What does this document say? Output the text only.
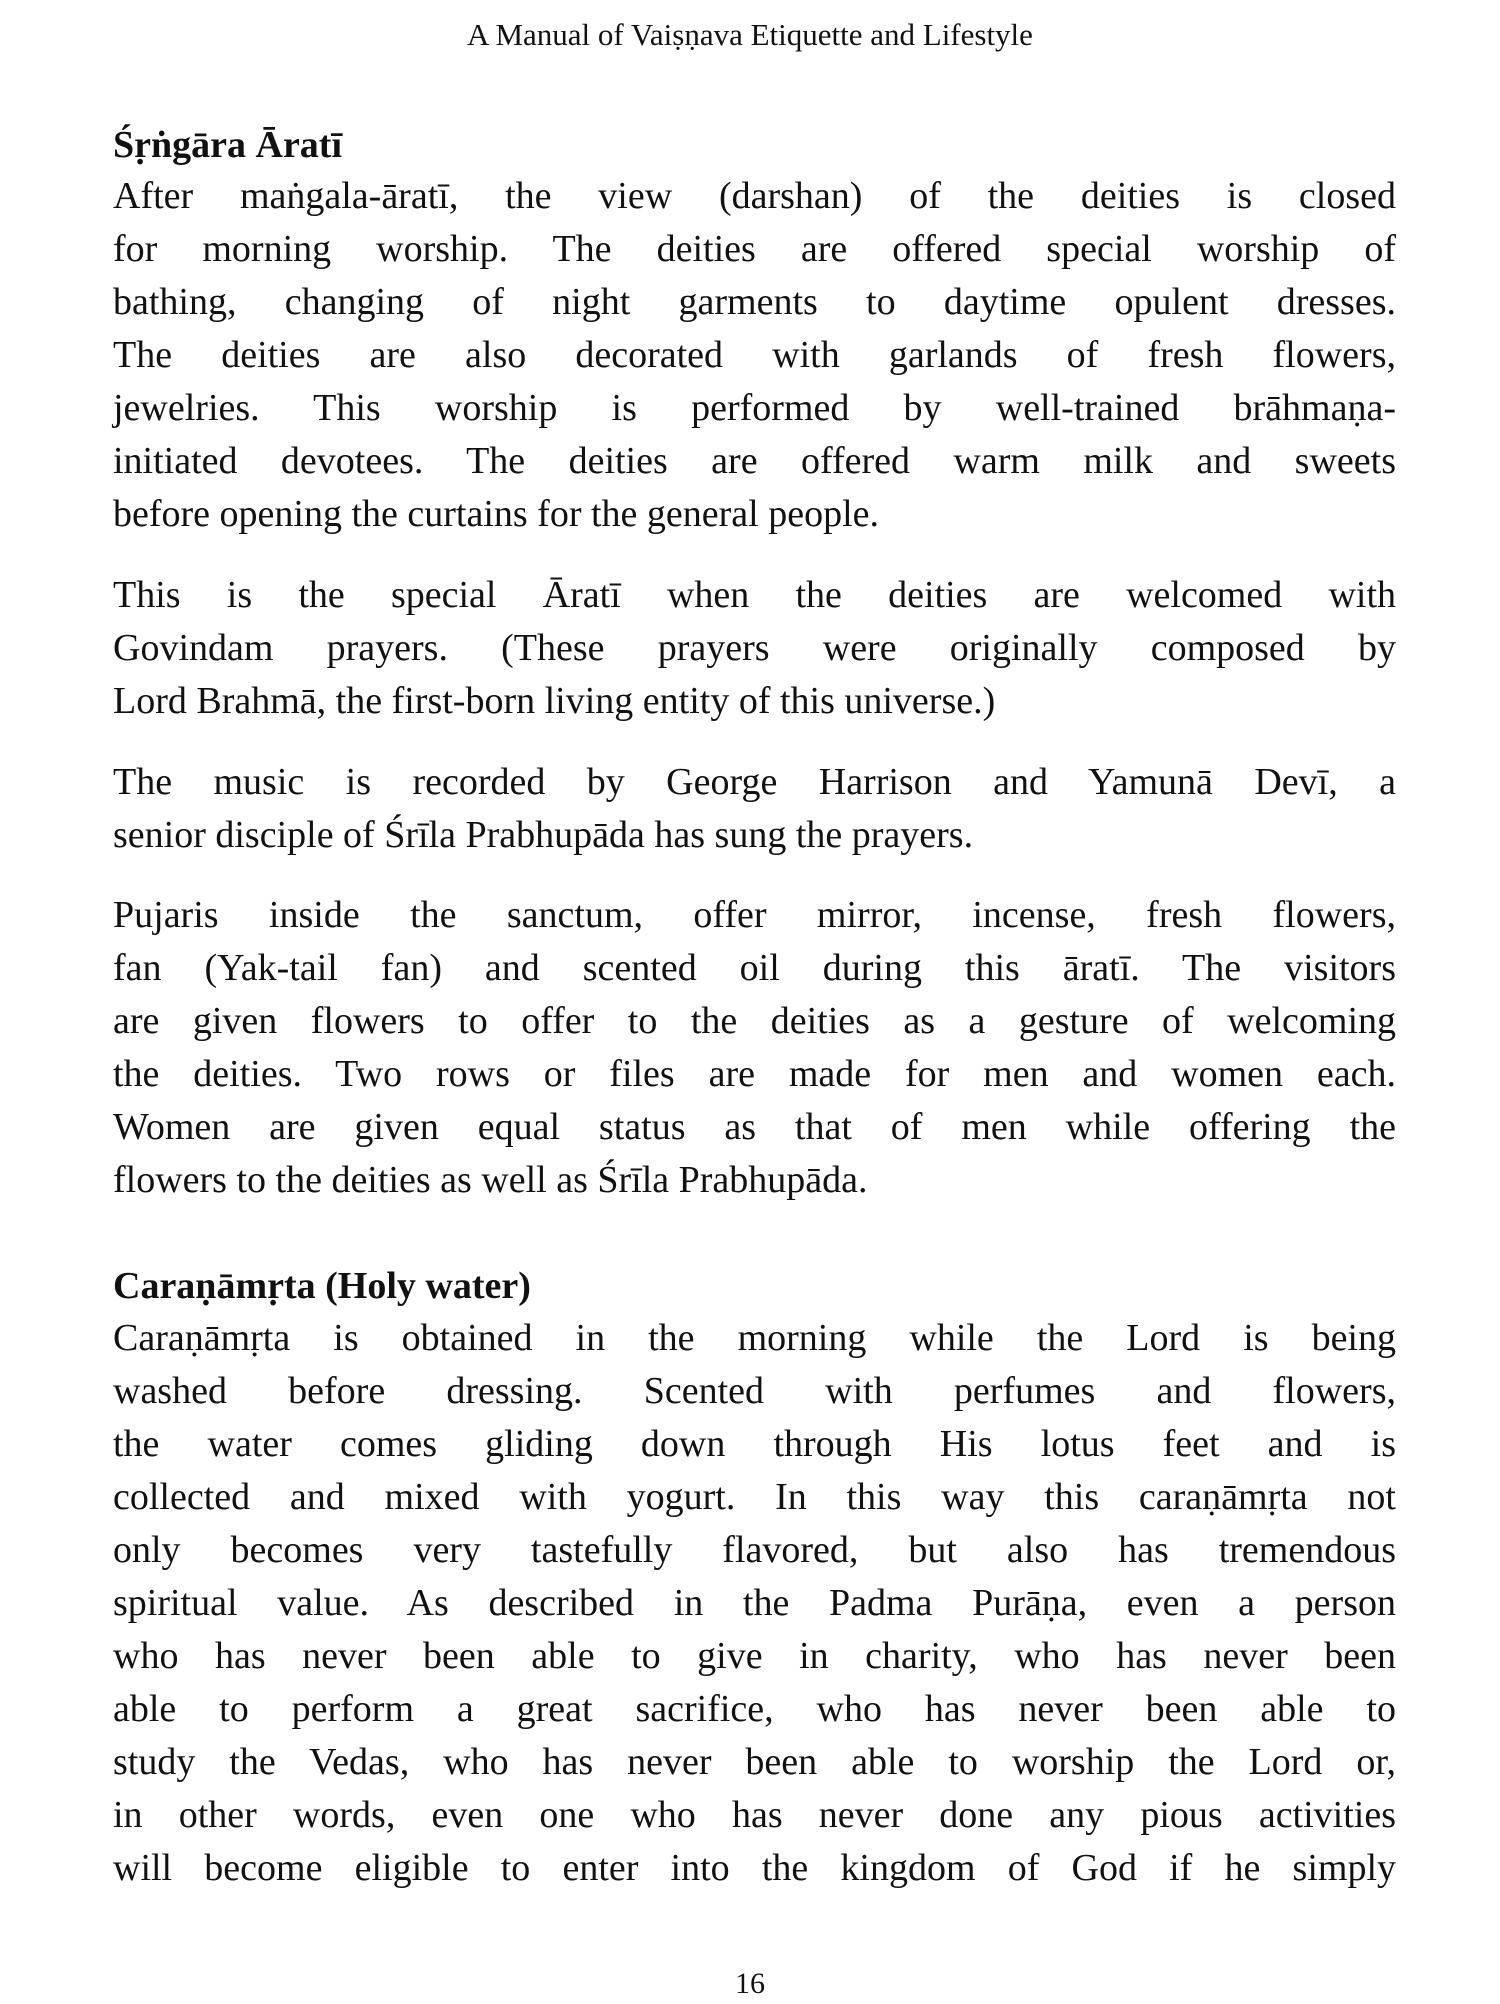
A Manual of Vaiṣṇava Etiquette and Lifestyle
Śṛṅgāra Āratī
After maṅgala-āratī, the view (darshan) of the deities is closed
for morning worship. The deities are offered special worship of
bathing, changing of night garments to daytime opulent dresses.
The deities are also decorated with garlands of fresh flowers,
jewelries. This worship is performed by well-trained brāhmaṇa-
initiated devotees. The deities are offered warm milk and sweets
before opening the curtains for the general people.
This is the special Āratī when the deities are welcomed with
Govindam prayers. (These prayers were originally composed by
Lord Brahmā, the first-born living entity of this universe.)
The music is recorded by George Harrison and Yamunā Devī, a
senior disciple of Śrīla Prabhupāda has sung the prayers.
Pujaris inside the sanctum, offer mirror, incense, fresh flowers,
fan (Yak-tail fan) and scented oil during this āratī. The visitors
are given flowers to offer to the deities as a gesture of welcoming
the deities. Two rows or files are made for men and women each.
Women are given equal status as that of men while offering the
flowers to the deities as well as Śrīla Prabhupāda.
Caraṇāmṛta (Holy water)
Caraṇāmṛta is obtained in the morning while the Lord is being
washed before dressing. Scented with perfumes and flowers,
the water comes gliding down through His lotus feet and is
collected and mixed with yogurt. In this way this caraṇāmṛta not
only becomes very tastefully flavored, but also has tremendous
spiritual value. As described in the Padma Purāṇa, even a person
who has never been able to give in charity, who has never been
able to perform a great sacrifice, who has never been able to
study the Vedas, who has never been able to worship the Lord or,
in other words, even one who has never done any pious activities
will become eligible to enter into the kingdom of God if he simply
16
